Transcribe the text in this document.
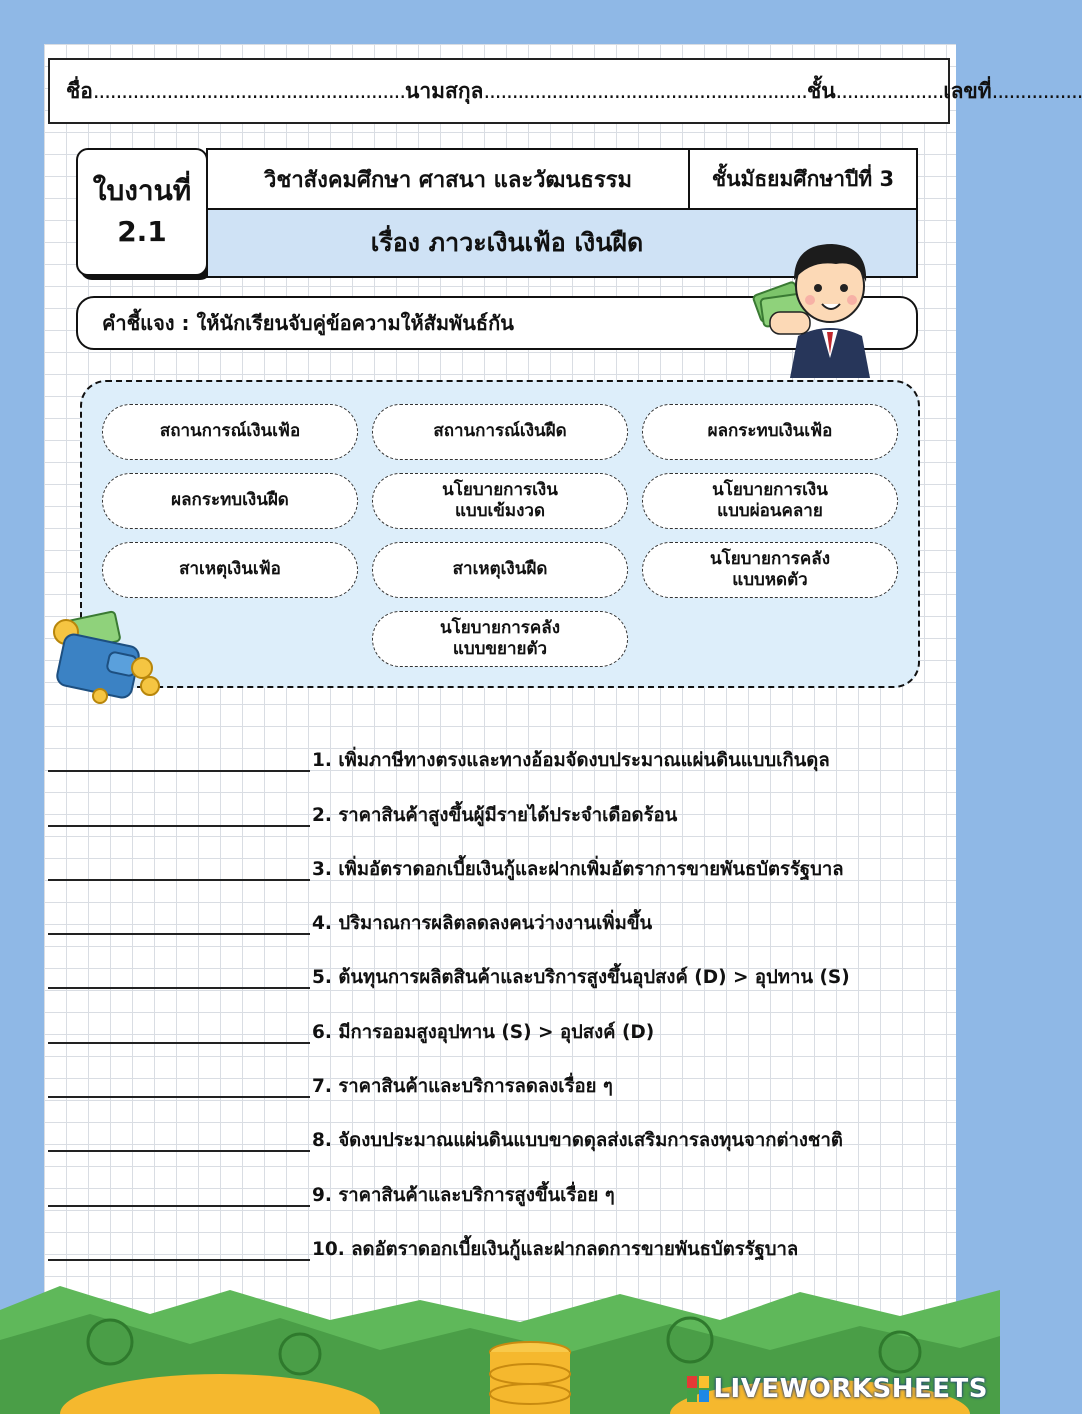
ชื่อ ....................................................... นามสกุล ......................................................... ชั้น ................... เลขที่ ................
ใบงานที่
2.1
วิชาสังคมศึกษา ศาสนา และวัฒนธรรม	ชั้นมัธยมศึกษาปีที่ 3
เรื่อง ภาวะเงินเฟ้อ เงินฝืด
คำชี้แจง : ให้นักเรียนจับคู่ข้อความให้สัมพันธ์กัน
สถานการณ์เงินเฟ้อ	สถานการณ์เงินฝืด	ผลกระทบเงินเฟ้อ
ผลกระทบเงินฝืด
นโยบายการเงิน
แบบเข้มงวด
นโยบายการเงิน
แบบผ่อนคลาย
สาเหตุเงินเฟ้อ	สาเหตุเงินฝืด
นโยบายการคลัง
แบบหดตัว
นโยบายการคลัง
แบบขยายตัว
1. เพิ่มภาษีทางตรงและทางอ้อมจัดงบประมาณแผ่นดินแบบเกินดุล
2. ราคาสินค้าสูงขึ้นผู้มีรายได้ประจำเดือดร้อน
3. เพิ่มอัตราดอกเบี้ยเงินกู้และฝากเพิ่มอัตราการขายพันธบัตรรัฐบาล
4. ปริมาณการผลิตลดลงคนว่างงานเพิ่มขึ้น
5. ต้นทุนการผลิตสินค้าและบริการสูงขึ้นอุปสงค์ (D) > อุปทาน (S)
6. มีการออมสูงอุปทาน (S) > อุปสงค์ (D)
7. ราคาสินค้าและบริการลดลงเรื่อย ๆ
8. จัดงบประมาณแผ่นดินแบบขาดดุลส่งเสริมการลงทุนจากต่างชาติ
9. ราคาสินค้าและบริการสูงขึ้นเรื่อย ๆ
10. ลดอัตราดอกเบี้ยเงินกู้และฝากลดการขายพันธบัตรรัฐบาล
LIVEWORKSHEETS
